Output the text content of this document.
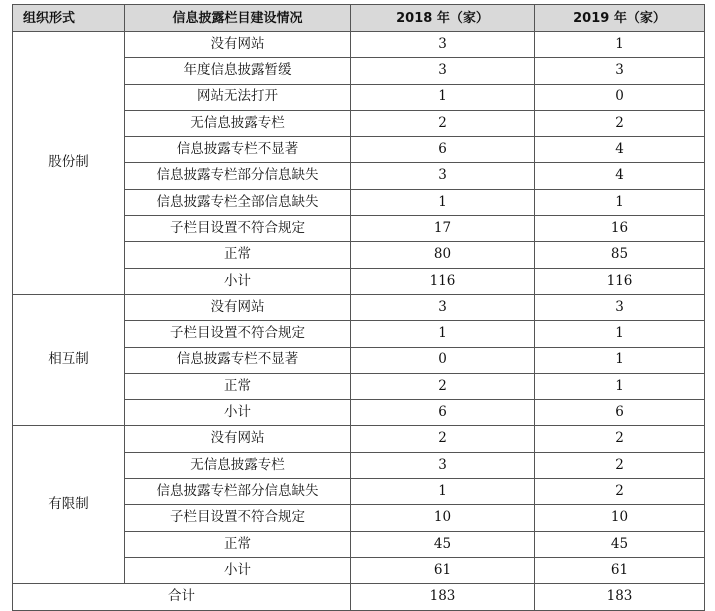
组织形式	信息披露栏目建设情况	2018 年（家）	2019 年（家）
股份制	没有网站	3	1
	年度信息披露暂缓	3	3
	网站无法打开	1	0
	无信息披露专栏	2	2
	信息披露专栏不显著	6	4
	信息披露专栏部分信息缺失	3	4
	信息披露专栏全部信息缺失	1	1
	子栏目设置不符合规定	17	16
	正常	80	85
	小计	116	116
相互制	没有网站	3	3
	子栏目设置不符合规定	1	1
	信息披露专栏不显著	0	1
	正常	2	1
	小计	6	6
有限制	没有网站	2	2
	无信息披露专栏	3	2
	信息披露专栏部分信息缺失	1	2
	子栏目设置不符合规定	10	10
	正常	45	45
	小计	61	61
合计		183	183
